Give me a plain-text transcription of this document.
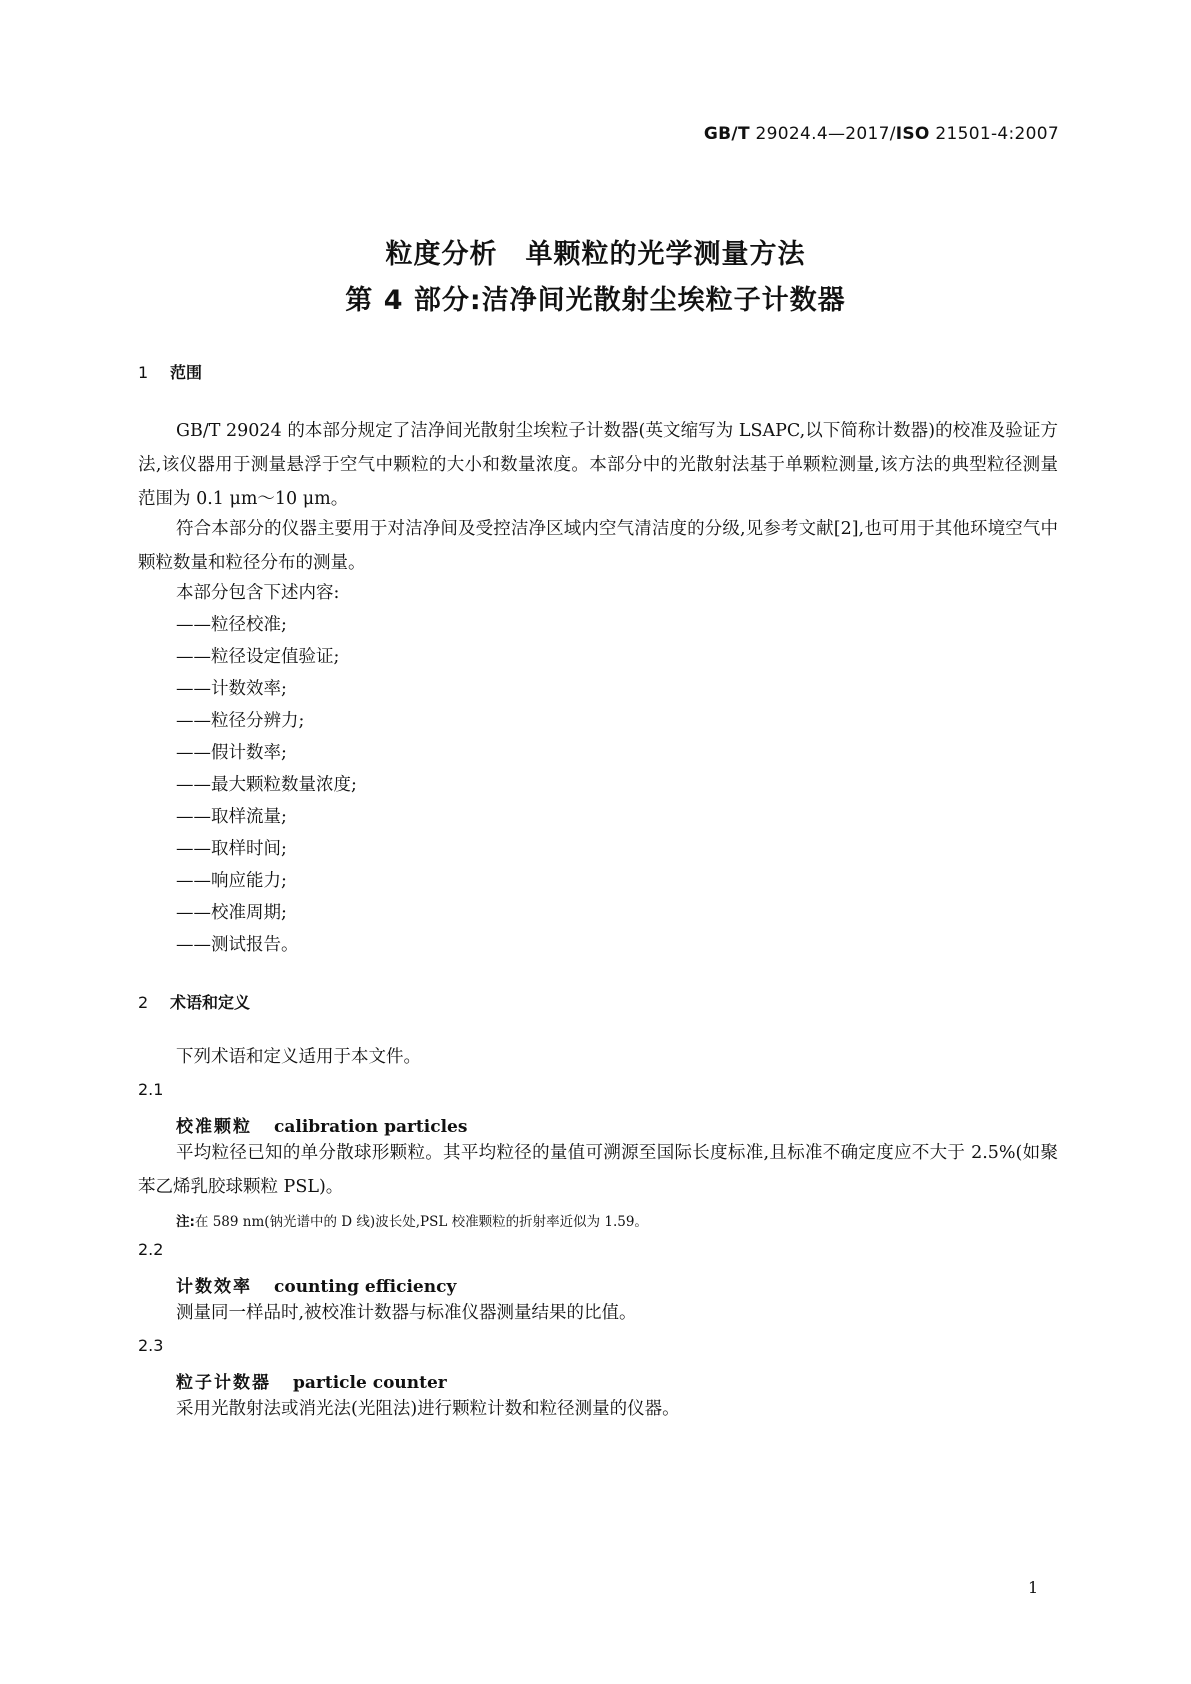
GB/T 29024.4—2017/ISO 21501-4:2007
粒度分析　单颗粒的光学测量方法
第 4 部分:洁净间光散射尘埃粒子计数器
1 范围
GB/T 29024 的本部分规定了洁净间光散射尘埃粒子计数器(英文缩写为 LSAPC,以下简称计数器)的校准及验证方法,该仪器用于测量悬浮于空气中颗粒的大小和数量浓度。本部分中的光散射法基于单颗粒测量,该方法的典型粒径测量范围为 0.1 μm～10 μm。
符合本部分的仪器主要用于对洁净间及受控洁净区域内空气清洁度的分级,见参考文献[2],也可用于其他环境空气中颗粒数量和粒径分布的测量。
本部分包含下述内容:
——粒径校准;
——粒径设定值验证;
——计数效率;
——粒径分辨力;
——假计数率;
——最大颗粒数量浓度;
——取样流量;
——取样时间;
——响应能力;
——校准周期;
——测试报告。
2 术语和定义
下列术语和定义适用于本文件。
2.1
校准颗粒 calibration particles
平均粒径已知的单分散球形颗粒。其平均粒径的量值可溯源至国际长度标准,且标准不确定度应不大于 2.5%(如聚苯乙烯乳胶球颗粒 PSL)。
注:在 589 nm(钠光谱中的 D 线)波长处,PSL 校准颗粒的折射率近似为 1.59。
2.2
计数效率 counting efficiency
测量同一样品时,被校准计数器与标准仪器测量结果的比值。
2.3
粒子计数器 particle counter
采用光散射法或消光法(光阻法)进行颗粒计数和粒径测量的仪器。
1
